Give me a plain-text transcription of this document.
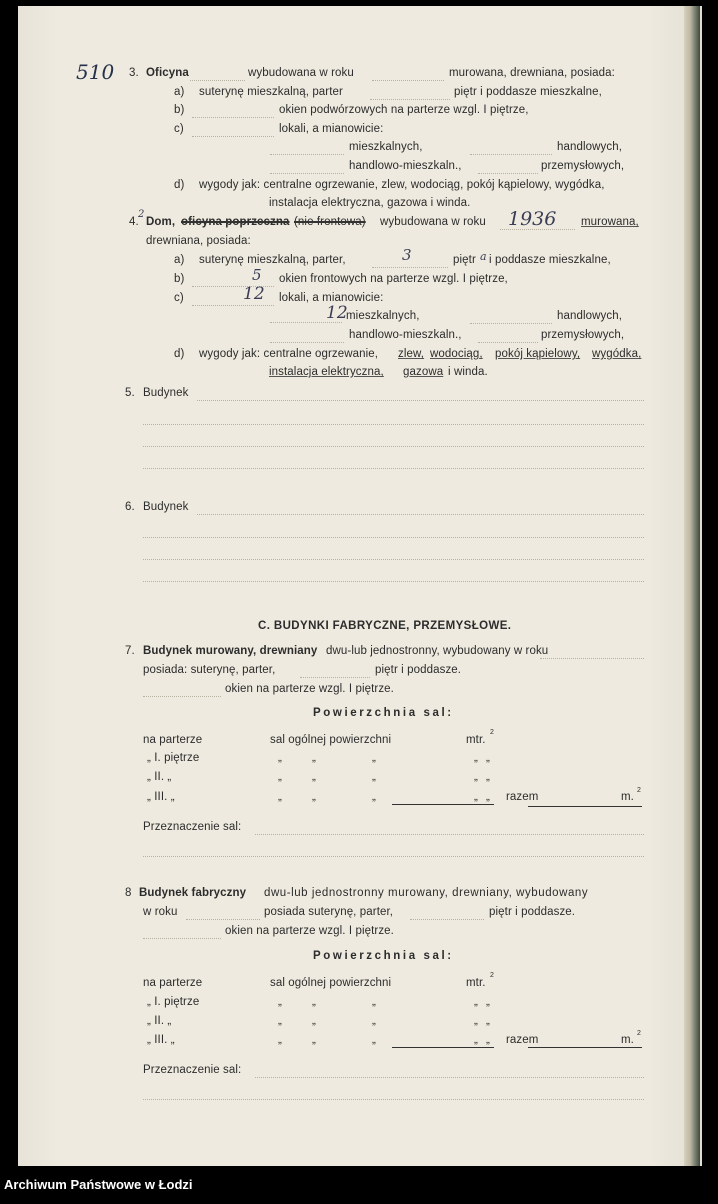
510 3. Oficyna	wybudowana w roku	murowana, drewniana, posiada:
a) suterynę mieszkalną, parter	piętr i poddasze mieszkalne,
b)	okien podwórzowych na parterze wzgl. I piętrze,
c)	lokali, a mianowicie:
mieszkalnych,	handlowych,
handlowo-mieszkaln.,	przemysłowych,
d) wygody jak: centralne ogrzewanie, zlew, wodociąg, pokój kąpielowy, wygódka,
instalacja elektryczna, gazowa i winda.
4.
2
Dom, oficyna poprzeczna (nie frontowa) wybudowana w roku 1936 murowana,
drewniana, posiada:
a) suterynę mieszkalną, parter,	3	piętr a i poddasze mieszkalne,
b)	5 okien frontowych na parterze wzgl. I piętrze,
c)	12 lokali, a mianowicie:
12
mieszkalnych,	handlowych,
handlowo-mieszkaln.,	przemysłowych,
d) wygody jak: centralne ogrzewanie, zlew, wodociąg, pokój kąpielowy, wygódka,
instalacja elektryczna, gazowa i winda.
5. Budynek
6. Budynek
C. BUDYNKI FABRYCZNE, PRZEMYSŁOWE.
7. Budynek murowany, drewniany dwu-lub jednostronny, wybudowany w roku
posiada: suterynę, parter,	piętr i poddasze.
okien na parterze wzgl. I piętrze.
Powierzchnia sal:
na parterze	sal ogólnej powierzchni	mtr.
2
„ I. piętrze	„	„	„	„ „
„ II. „	„	„	„	„ „
„ III. „	„	„	„	„ „ razem	m.
2
Przeznaczenie sal:
8 Budynek fabryczny dwu-lub jednostronny murowany, drewniany, wybudowany
w roku	posiada suterynę, parter,	piętr i poddasze.
okien na parterze wzgl. I piętrze.
Powierzchnia sal:
na parterze	sal ogólnej powierzchni	mtr.
2
„ I. piętrze	„	„	„	„ „
„ II. „	„	„	„	„ „
„ III. „	„	„	„	„ „ razem	m.
2
Przeznaczenie sal:
Archiwum Państwowe w Łodzi
